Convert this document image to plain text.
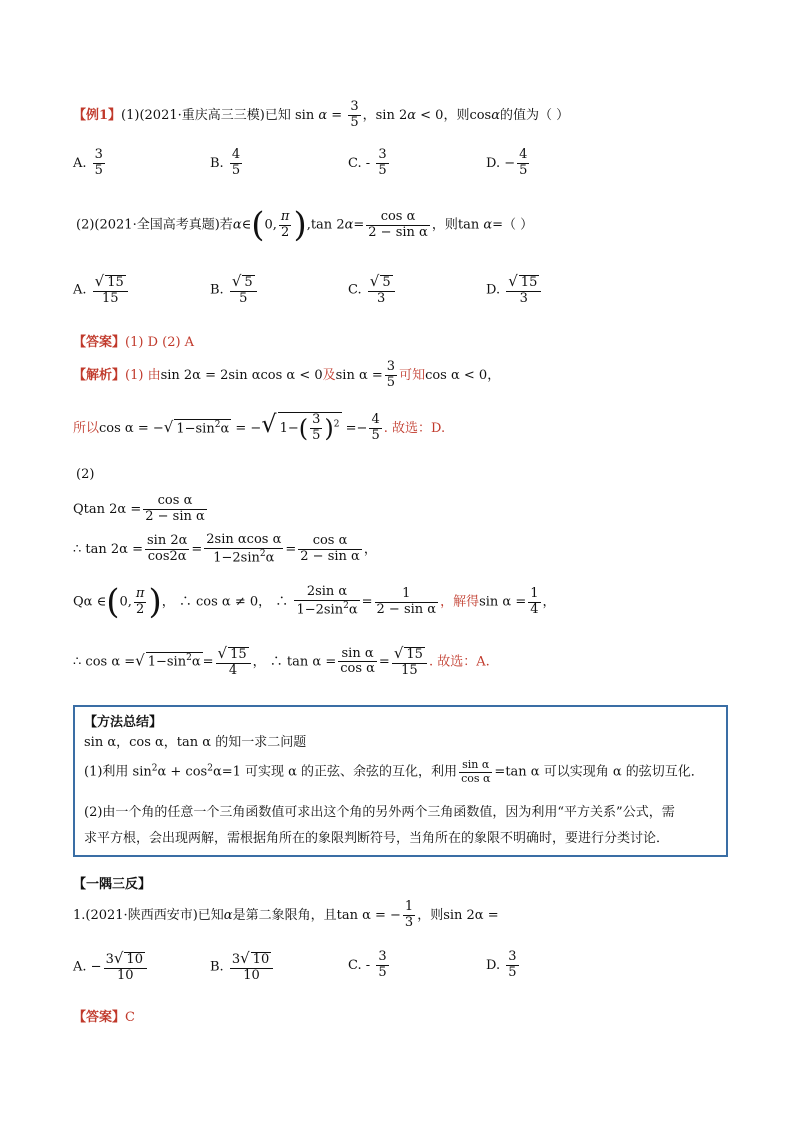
【例1】(1)(2021·重庆高三三模)已知 $\sin \alpha = \frac{3}{5}$ ，sin 2α < 0，则cosα的值为（ ）
A. $\frac{3}{5}$	B. $\frac{4}{5}$	C. - $\frac{3}{5}$	D. − $\frac{4}{5}$
(2)(2021·全国高考真题)若α∈(0, $\frac{\pi}{2} ),\tan$ $2\alpha= \frac{\text{cos α}}{\text{2 − sin α}}$ ，则tan α=（ ）
A. $\frac{√ 15}{15}$	B. $\frac{√ 5}{5}$	C. $\frac{√ 5}{3}$	D. $\frac{√ 15}{3}$
【答案】(1) D (2) A
【解析】(1) 由sin 2α = 2sin αcos α < 0及$\sin \alpha = \frac{3}{5}$ 可知cos α < 0，
所以cos α = −√ $1-\sin^2\alpha$ = −√ $1-( \frac{3}{5} )^2 =- \frac{4}{5}$ . 故选：D.
(2)
Qtan $2\alpha = \frac{\text{cos α}}{\text{2 − sin α}}$
∴ $\tan 2\alpha = \frac{\sin 2\alpha}{\cos 2\alpha} = \frac{\text{2sin αcos α}}{1-2\sin^2\alpha} = \frac{\text{cos α}}{\text{2 − sin α}}$ ，
Qα ∈(0, $\frac{\pi}{2}$ )， ∴ cos α ≠ 0， ∴ $\frac{\text{2sin α}}{1-2\sin^2\alpha} = \frac{1}{\text{2 − sin α}}$ ，解得$\sin \alpha = \frac{1}{4}$ ，
∴ cos α =√ $1-\sin^2\alpha = \frac{√ 15}{4}$ ， ∴ $\tan \alpha = \frac{\text{sin α}}{\text{cos α}} = \frac{√ 15}{15}$ . 故选：A.
【方法总结】
sin α，cos α，tan α 的知一求二问题
(1)利用 $\sin^2\alpha + \cos^2\alpha=1$ 可实现 α 的正弦、余弦的互化，利用 $\frac{\text{sin α}}{\text{cos α}} =\tan$ α 可以实现角 α 的弦切互化．
(2)由一个角的任意一个三角函数值可求出这个角的另外两个三角函数值，因为利用“平方关系”公式，需
求平方根，会出现两解，需根据角所在的象限判断符号，当角所在的象限不明确时，要进行分类讨论．
【一隅三反】
1.(2021·陕西西安市)已知α是第二象限角，且tan α = − $\frac{1}{3}$ ，则sin 2α =
A. − $\frac{3√ 10}{10}$	B. $\frac{3√ 10}{10}$	C. - $\frac{3}{5}$	D. $\frac{3}{5}$
【答案】C
